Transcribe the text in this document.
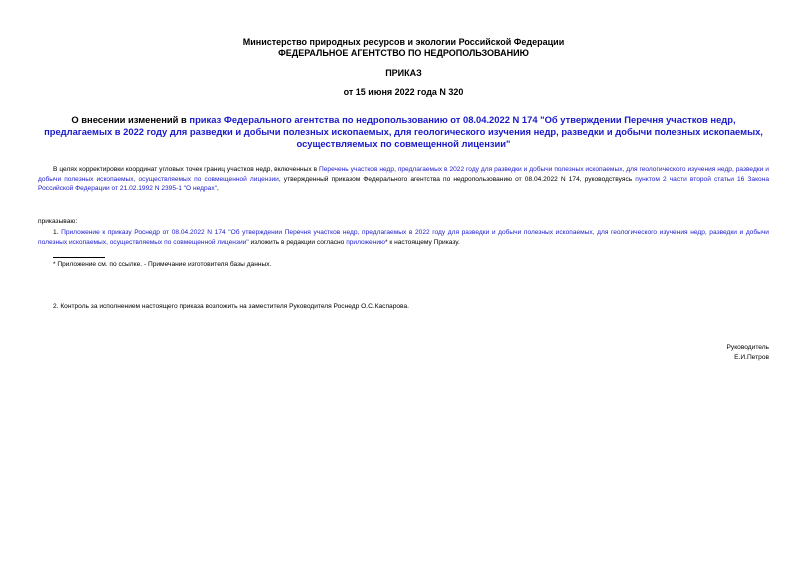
Министерство природных ресурсов и экологии Российской Федерации
ФЕДЕРАЛЬНОЕ АГЕНТСТВО ПО НЕДРОПОЛЬЗОВАНИЮ
ПРИКАЗ
от 15 июня 2022 года N 320
О внесении изменений в приказ Федерального агентства по недропользованию от 08.04.2022 N 174 "Об утверждении Перечня участков недр, предлагаемых в 2022 году для разведки и добычи полезных ископаемых, для геологического изучения недр, разведки и добычи полезных ископаемых, осуществляемых по совмещенной лицензии"
В целях корректировки координат угловых точек границ участков недр, включенных в Перечень участков недр, предлагаемых в 2022 году для разведки и добычи полезных ископаемых, для геологического изучения недр, разведки и добычи полезных ископаемых, осуществляемых по совмещенной лицензии, утвержденный приказом Федерального агентства по недропользованию от 08.04.2022 N 174, руководствуясь пунктом 2 части второй статьи 16 Закона Российской Федерации от 21.02.1992 N 2395-1 "О недрах",
приказываю:
1. Приложение к приказу Роснедр от 08.04.2022 N 174 "Об утверждении Перечня участков недр, предлагаемых в 2022 году для разведки и добычи полезных ископаемых, для геологического изучения недр, разведки и добычи полезных ископаемых, осуществляемых по совмещенной лицензии" изложить в редакции согласно приложению* к настоящему Приказу.
* Приложение см. по ссылке. - Примечание изготовителя базы данных.
2. Контроль за исполнением настоящего приказа возложить на заместителя Руководителя Роснедр О.С.Каспарова.
Руководитель
Е.И.Петров
